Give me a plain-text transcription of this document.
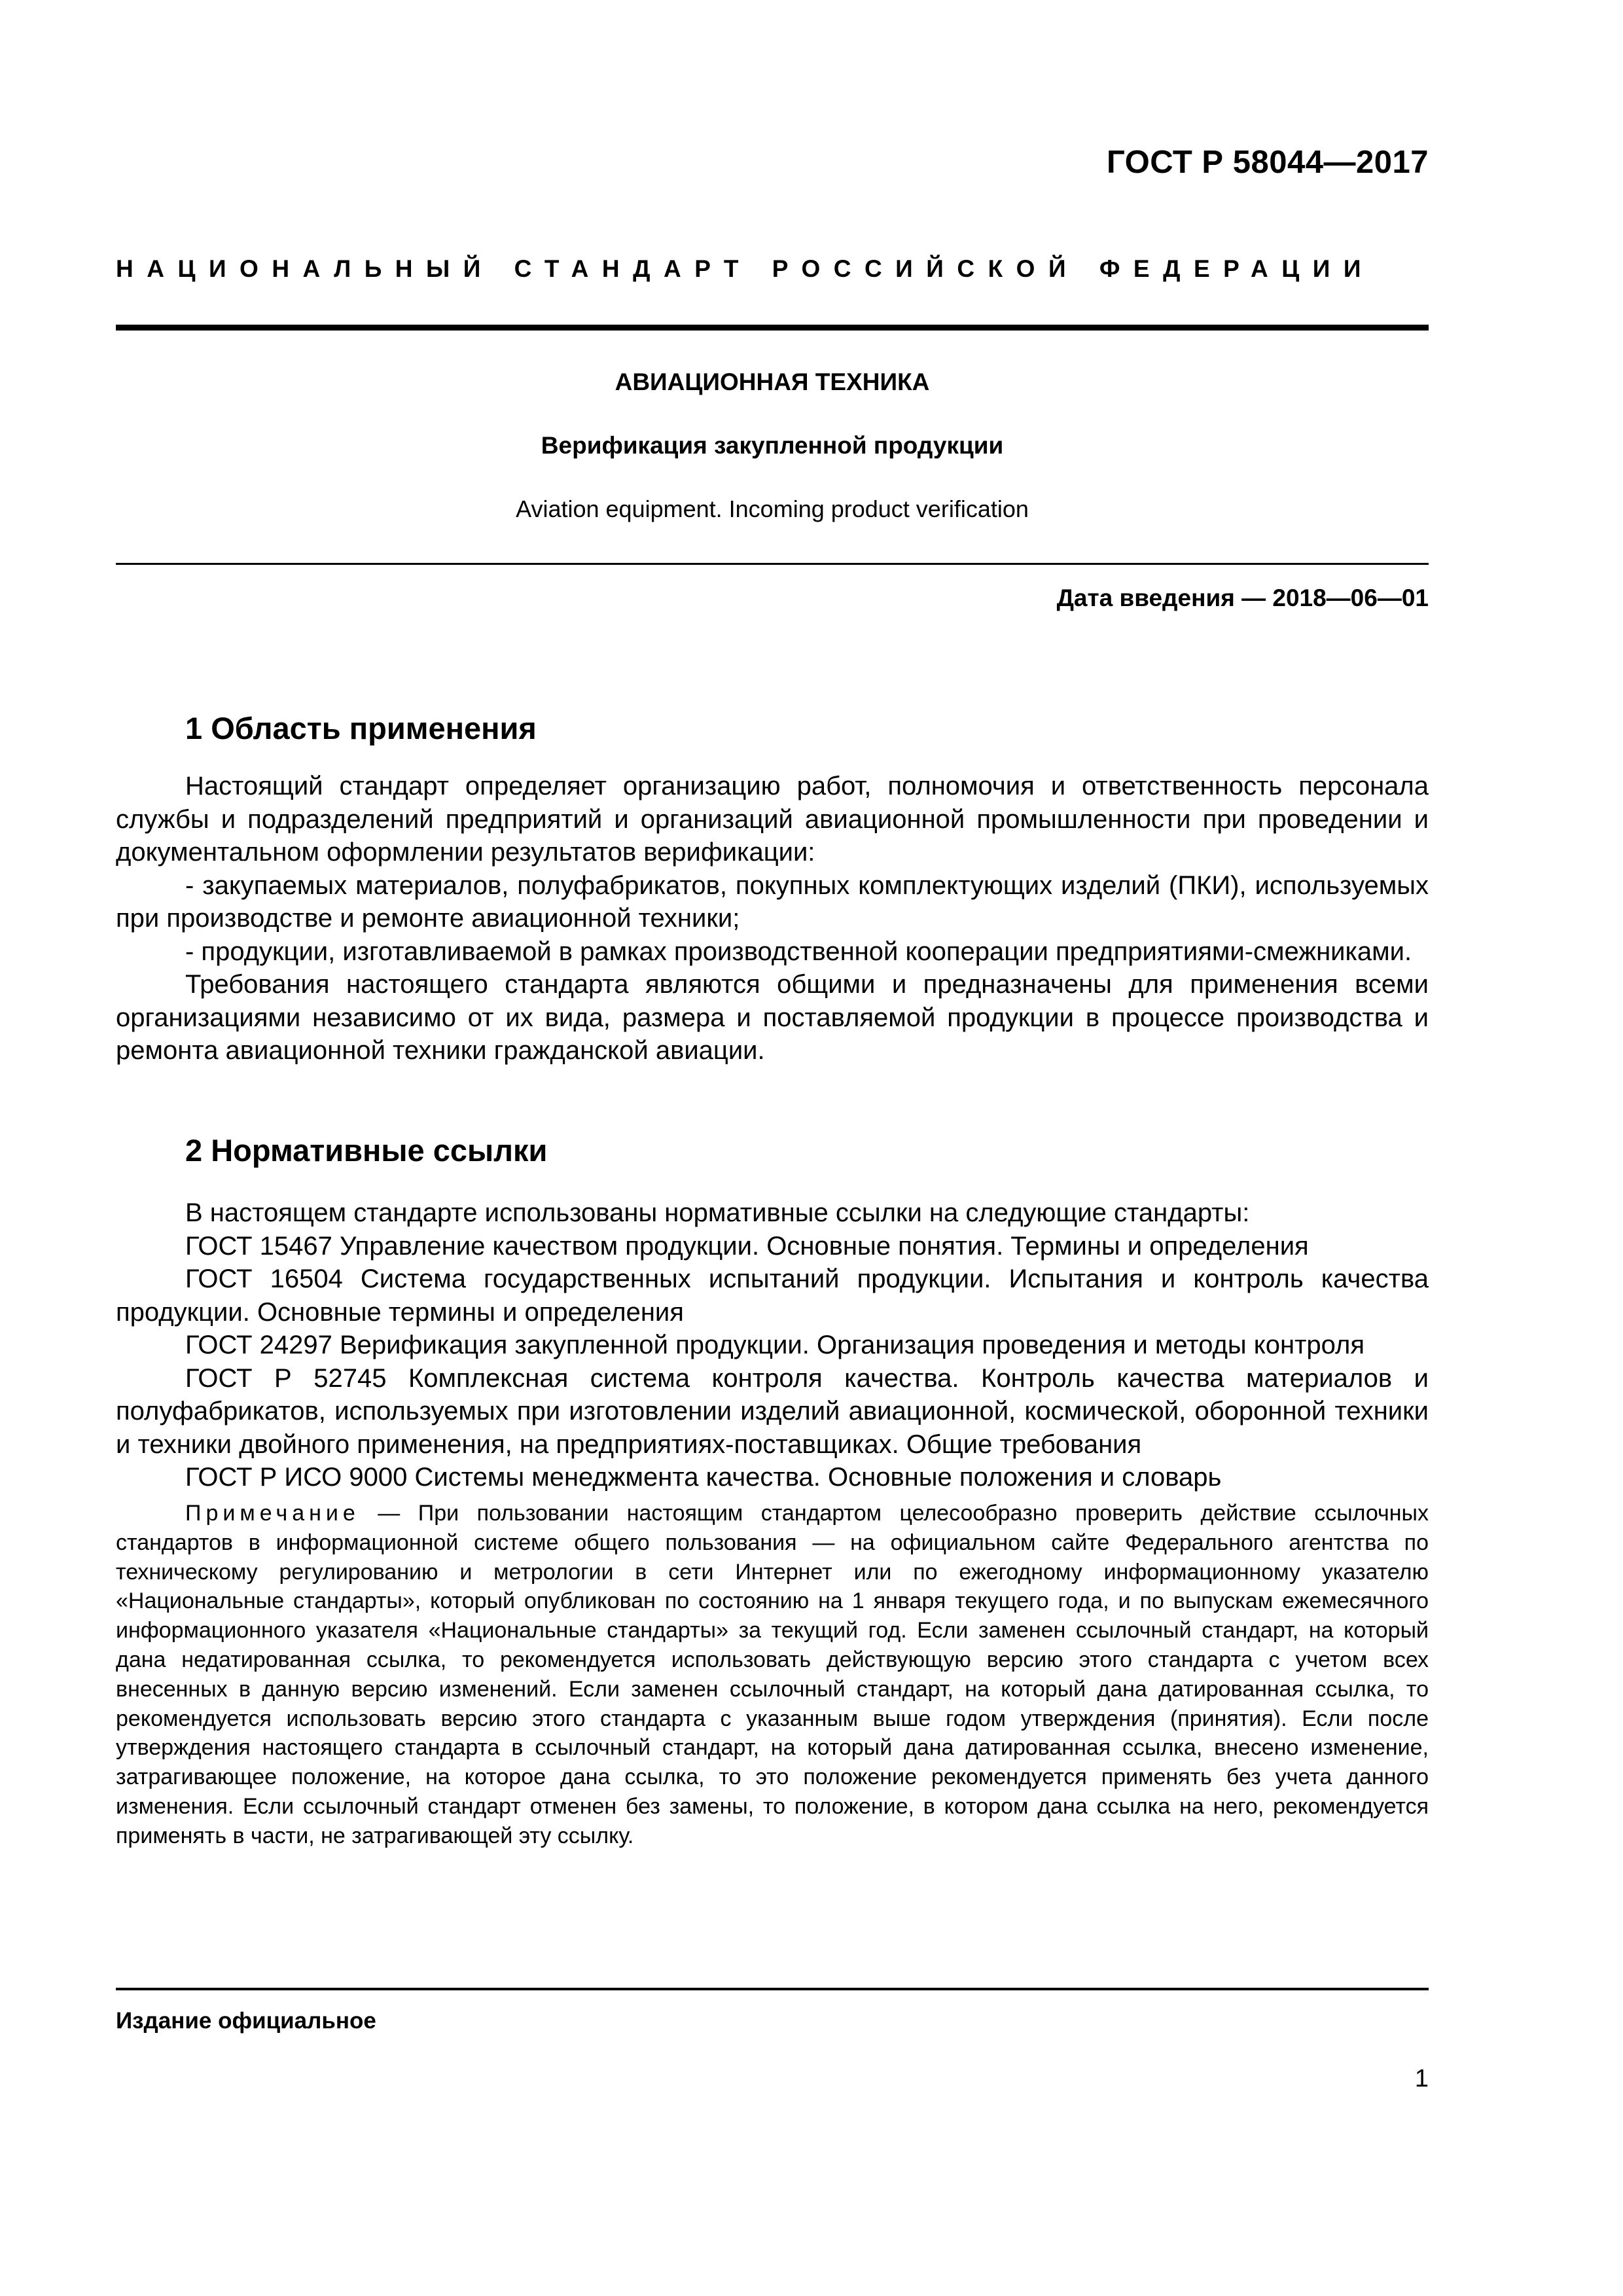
ГОСТ Р 58044—2017
НАЦИОНАЛЬНЫЙ СТАНДАРТ РОССИЙСКОЙ ФЕДЕРАЦИИ
АВИАЦИОННАЯ ТЕХНИКА
Верификация закупленной продукции
Aviation equipment. Incoming product verification
Дата введения — 2018—06—01
1 Область применения

Настоящий стандарт определяет организацию работ, полномочия и ответственность персонала службы и подразделений предприятий и организаций авиационной промышленности при проведении и документальном оформлении результатов верификации:

- закупаемых материалов, полуфабрикатов, покупных комплектующих изделий (ПКИ), используемых при производстве и ремонте авиационной техники;

- продукции, изготавливаемой в рамках производственной кооперации предприятиями-смежниками.

Требования настоящего стандарта являются общими и предназначены для применения всеми организациями независимо от их вида, размера и поставляемой продукции в процессе производства и ремонта авиационной техники гражданской авиации.

2 Нормативные ссылки

В настоящем стандарте использованы нормативные ссылки на следующие стандарты:

ГОСТ 15467 Управление качеством продукции. Основные понятия. Термины и определения

ГОСТ 16504 Система государственных испытаний продукции. Испытания и контроль качества продукции. Основные термины и определения

ГОСТ 24297 Верификация закупленной продукции. Организация проведения и методы контроля

ГОСТ Р 52745 Комплексная система контроля качества. Контроль качества материалов и полуфабрикатов, используемых при изготовлении изделий авиационной, космической, оборонной техники и техники двойного применения, на предприятиях-поставщиках. Общие требования

ГОСТ Р ИСО 9000 Системы менеджмента качества. Основные положения и словарь

Примечание — При пользовании настоящим стандартом целесообразно проверить действие ссылочных стандартов в информационной системе общего пользования — на официальном сайте Федерального агентства по техническому регулированию и метрологии в сети Интернет или по ежегодному информационному указателю «Национальные стандарты», который опубликован по состоянию на 1 января текущего года, и по выпускам ежемесячного информационного указателя «Национальные стандарты» за текущий год. Если заменен ссылочный стандарт, на который дана недатированная ссылка, то рекомендуется использовать действующую версию этого стандарта с учетом всех внесенных в данную версию изменений. Если заменен ссылочный стандарт, на который дана датированная ссылка, то рекомендуется использовать версию этого стандарта с указанным выше годом утверждения (принятия). Если после утверждения настоящего стандарта в ссылочный стандарт, на который дана датированная ссылка, внесено изменение, затрагивающее положение, на которое дана ссылка, то это положение рекомендуется применять без учета данного изменения. Если ссылочный стандарт отменен без замены, то положение, в котором дана ссылка на него, рекомендуется применять в части, не затрагивающей эту ссылку.

Издание официальное
1
